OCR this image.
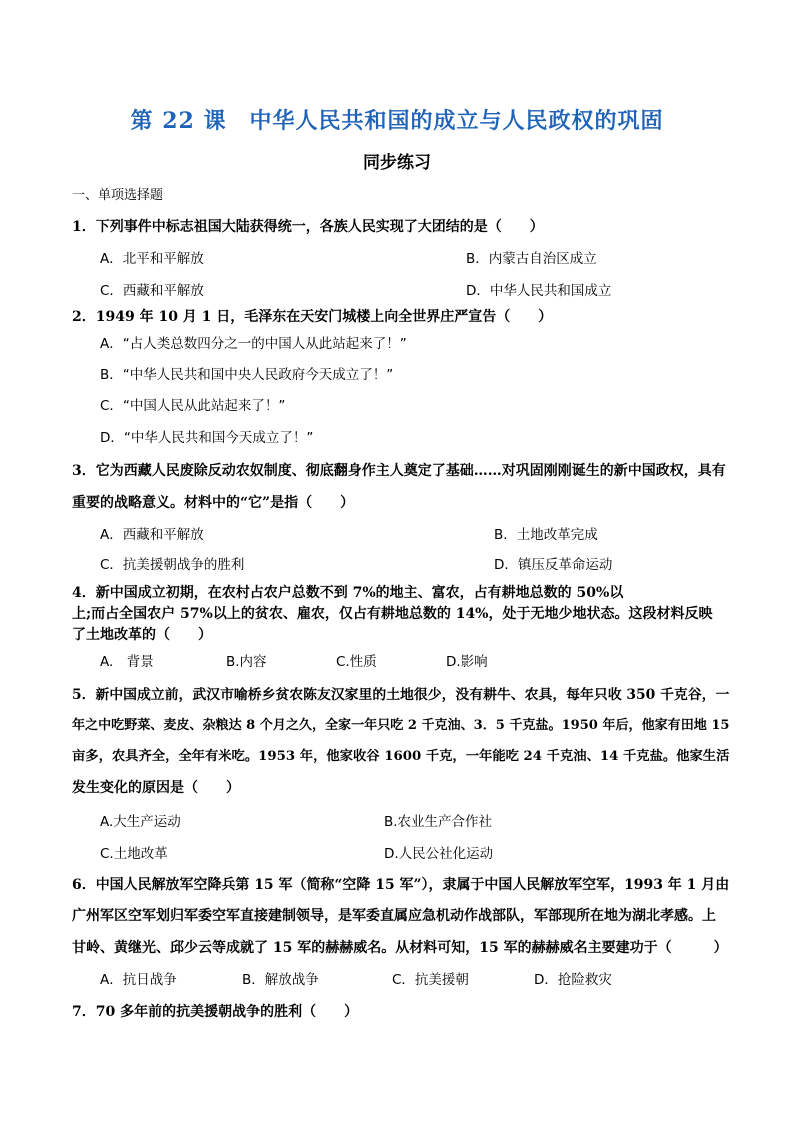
第 22 课　中华人民共和国的成立与人民政权的巩固
同步练习
一、单项选择题
1．下列事件中标志祖国大陆获得统一，各族人民实现了大团结的是（　　）
A．北平和平解放	B．内蒙古自治区成立
C．西藏和平解放	D．中华人民共和国成立
2．1949 年 10 月 1 日，毛泽东在天安门城楼上向全世界庄严宣告（　　）
A．“占人类总数四分之一的中国人从此站起来了！”
B．“中华人民共和国中央人民政府今天成立了！”
C．“中国人民从此站起来了！”
D．“中华人民共和国今天成立了！”
3．它为西藏人民废除反动农奴制度、彻底翻身作主人奠定了基础……对巩固刚刚诞生的新中国政权，具有
重要的战略意义。材料中的“它”是指（　　）
A．西藏和平解放	B．土地改革完成
C．抗美援朝战争的胜利	D．镇压反革命运动
4．新中国成立初期，在农村占农户总数不到 7%的地主、富农，占有耕地总数的 50%以
上;而占全国农户 57%以上的贫农、雇农，仅占有耕地总数的 14%，处于无地少地状态。这段材料反映
了土地改革的（　　）
A.　背景	B.内容	C.性质	D.影响
5．新中国成立前，武汉市喻桥乡贫农陈友汉家里的土地很少，没有耕牛、农具，每年只收 350 千克谷，一
年之中吃野菜、麦皮、杂粮达 8 个月之久，全家一年只吃 2 千克油、3．5 千克盐。1950 年后，他家有田地 15
亩多，农具齐全，全年有米吃。1953 年，他家收谷 1600 千克，一年能吃 24 千克油、14 千克盐。他家生活
发生变化的原因是（　　）
A.大生产运动	B.农业生产合作社
C.土地改革	D.人民公社化运动
6．中国人民解放军空降兵第 15 军（简称“空降 15 军”），隶属于中国人民解放军空军，1993 年 1 月由
广州军区空军划归军委空军直接建制领导，是军委直属应急机动作战部队，军部现所在地为湖北孝感。上
甘岭、黄继光、邱少云等成就了 15 军的赫赫威名。从材料可知，15 军的赫赫威名主要建功于（　　　）
A．抗日战争	B．解放战争	C．抗美援朝	D．抢险救灾
7．70 多年前的抗美援朝战争的胜利（　　）
